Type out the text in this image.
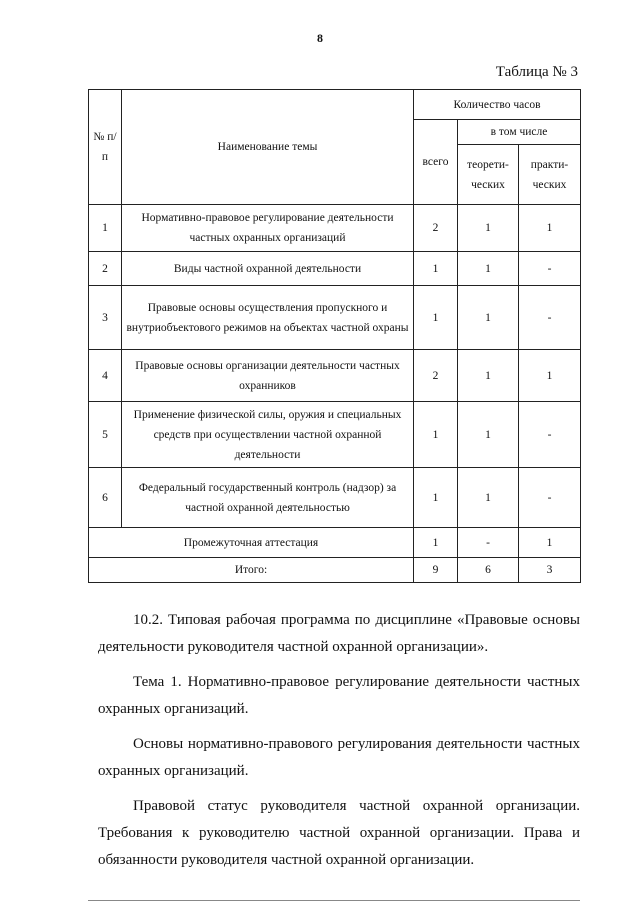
8
Таблица № 3
№ п/п	Наименование темы	Количество часов		
		всего	в том числе	
			теорети-ческих	практи-ческих
1	Нормативно-правовое регулирование деятельности частных охранных организаций	2	1	1
2	Виды частной охранной деятельности	1	1	-
3	Правовые основы осуществления пропускного и внутриобъектового режимов на объектах частной охраны	1	1	-
4	Правовые основы организации деятельности частных охранников	2	1	1
5	Применение физической силы, оружия и специальных средств при осуществлении частной охранной деятельности	1	1	-
6	Федеральный государственный контроль (надзор) за частной охранной деятельностью	1	1	-
Промежуточная аттестация		1	-	1
Итого:		9	6	3

10.2. Типовая рабочая программа по дисциплине «Правовые основы деятельности руководителя частной охранной организации».

Тема 1. Нормативно-правовое регулирование деятельности частных охранных организаций.

Основы нормативно-правового регулирования деятельности частных охранных организаций.

Правовой статус руководителя частной охранной организации. Требования к руководителю частной охранной организации. Права и обязанности руководителя частной охранной организации.
